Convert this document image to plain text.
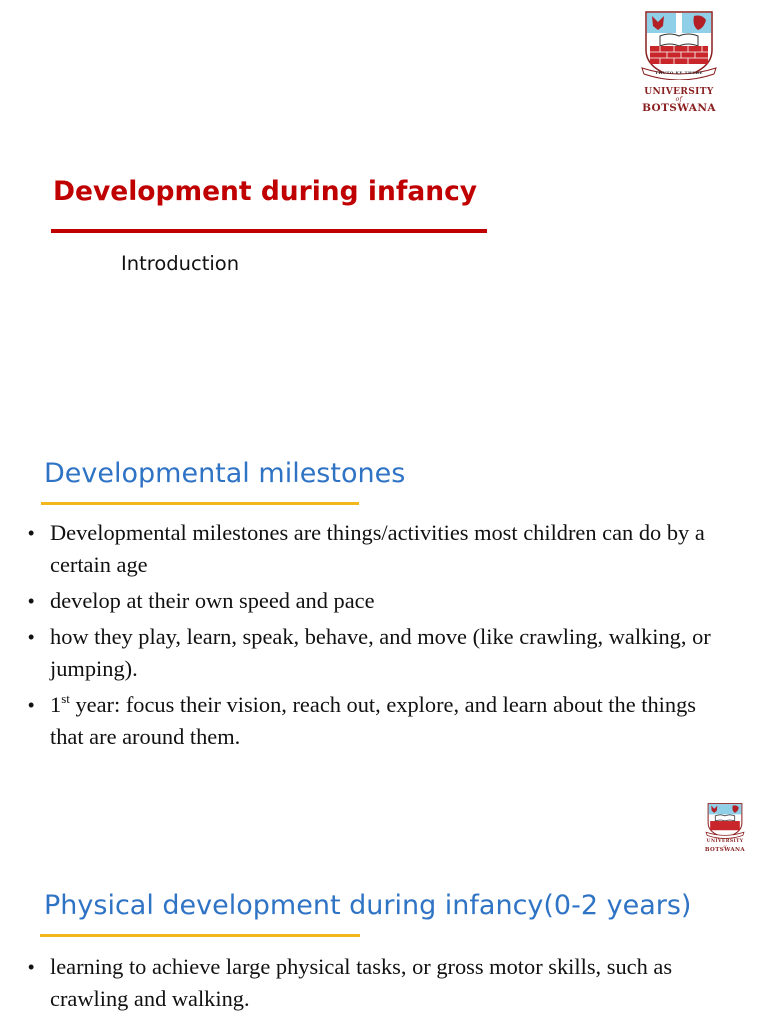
THUTO KE THEBE
UNIVERSITY
of
BOTSWANA
Development during infancy
Introduction
Developmental milestones
• Developmental milestones are things/activities most children can do by a certain age
• develop at their own speed and pace
• how they play, learn, speak, behave, and move (like crawling, walking, or jumping).
• 1st year: focus their vision, reach out, explore, and learn about the things that are around them.
UNIVERSITY
of
BOTSWANA
Physical development during infancy(0-2 years)
• learning to achieve large physical tasks, or gross motor skills, such as crawling and walking.
